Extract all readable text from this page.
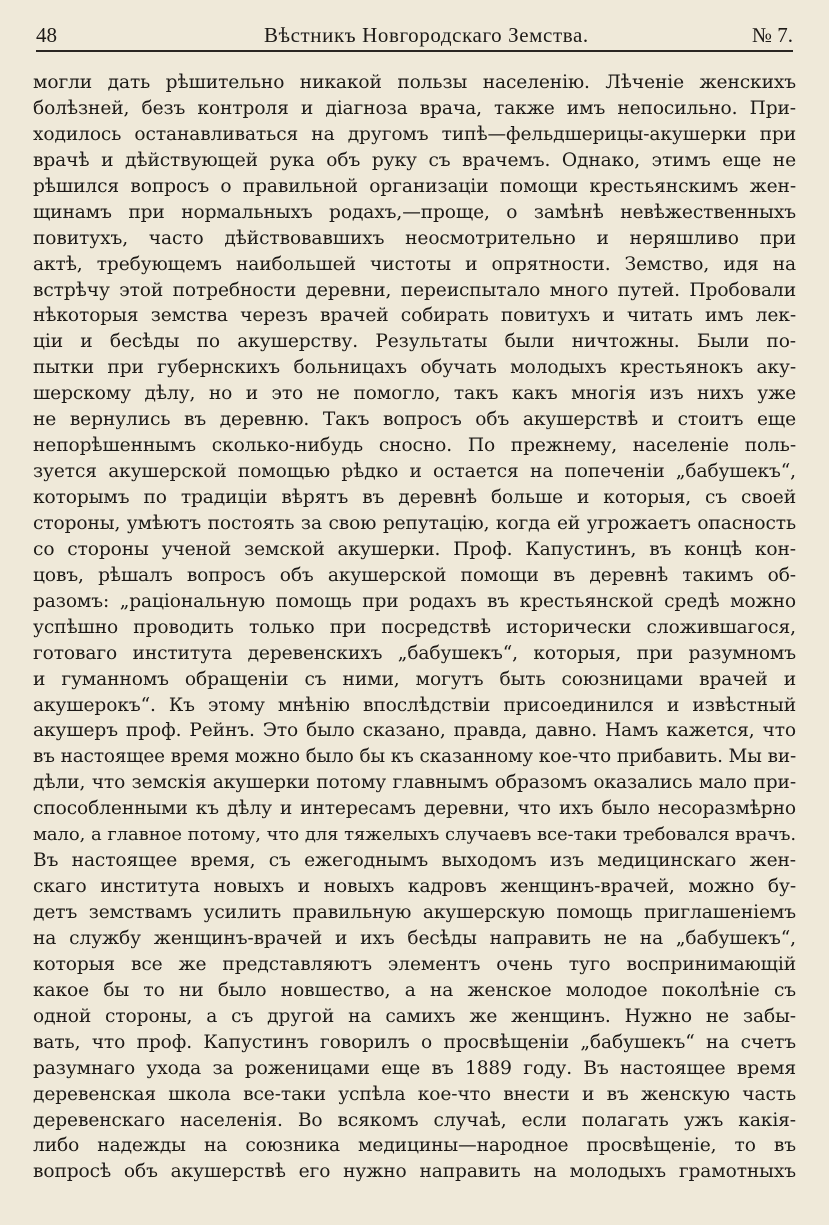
48	Вѣстникъ Новгородскаго Земства.	№ 7.
могли дать рѣшительно никакой пользы населенію. Лѣченіе женскихъ
болѣзней, безъ контроля и діагноза врача, также имъ непосильно. При-
ходилось останавливаться на другомъ типѣ—фельдшерицы-акушерки при
врачѣ и дѣйствующей рука объ руку съ врачемъ. Однако, этимъ еще не
рѣшился вопросъ о правильной организаціи помощи крестьянскимъ жен-
щинамъ при нормальныхъ родахъ,—проще, о замѣнѣ невѣжественныхъ
повитухъ, часто дѣйствовавшихъ неосмотрительно и неряшливо при
актѣ, требующемъ наибольшей чистоты и опрятности. Земство, идя на
встрѣчу этой потребности деревни, переиспытало много путей. Пробовали
нѣкоторыя земства черезъ врачей собирать повитухъ и читать имъ лек-
ціи и бесѣды по акушерству. Результаты были ничтожны. Были по-
пытки при губернскихъ больницахъ обучать молодыхъ крестьянокъ аку-
шерскому дѣлу, но и это не помогло, такъ какъ многія изъ нихъ уже
не вернулись въ деревню. Такъ вопросъ объ акушерствѣ и стоитъ еще
непорѣшеннымъ сколько-нибудь сносно. По прежнему, населеніе поль-
зуется акушерской помощью рѣдко и остается на попеченіи „бабушекъ“,
которымъ по традиціи вѣрятъ въ деревнѣ больше и которыя, съ своей
стороны, умѣютъ постоять за свою репутацію, когда ей угрожаетъ опасность
со стороны ученой земской акушерки. Проф. Капустинъ, въ концѣ кон-
цовъ, рѣшалъ вопросъ объ акушерской помощи въ деревнѣ такимъ об-
разомъ: „раціональную помощь при родахъ въ крестьянской средѣ можно
успѣшно проводить только при посредствѣ исторически сложившагося,
готоваго института деревенскихъ „бабушекъ“, которыя, при разумномъ
и гуманномъ обращеніи съ ними, могутъ быть союзницами врачей и
акушерокъ“. Къ этому мнѣнію впослѣдствіи присоединился и извѣстный
акушеръ проф. Рейнъ. Это было сказано, правда, давно. Намъ кажется, что
въ настоящее время можно было бы къ сказанному кое-что прибавить. Мы ви-
дѣли, что земскія акушерки потому главнымъ образомъ оказались мало при-
способленными къ дѣлу и интересамъ деревни, что ихъ было несоразмѣрно
мало, а главное потому, что для тяжелыхъ случаевъ все-таки требовался врачъ.
Въ настоящее время, съ ежегоднымъ выходомъ изъ медицинскаго жен-
скаго института новыхъ и новыхъ кадровъ женщинъ-врачей, можно бу-
детъ земствамъ усилить правильную акушерскую помощь приглашеніемъ
на службу женщинъ-врачей и ихъ бесѣды направить не на „бабушекъ“,
которыя все же представляютъ элементъ очень туго воспринимающій
какое бы то ни было новшество, а на женское молодое поколѣніе съ
одной стороны, а съ другой на самихъ же женщинъ. Нужно не забы-
вать, что проф. Капустинъ говорилъ о просвѣщеніи „бабушекъ“ на счетъ
разумнаго ухода за роженицами еще въ 1889 году. Въ настоящее время
деревенская школа все-таки успѣла кое-что внести и въ женскую часть
деревенскаго населенія. Во всякомъ случаѣ, если полагать ужъ какія-
либо надежды на союзника медицины—народное просвѣщеніе, то въ
вопросѣ объ акушерствѣ его нужно направить на молодыхъ грамотныхъ
